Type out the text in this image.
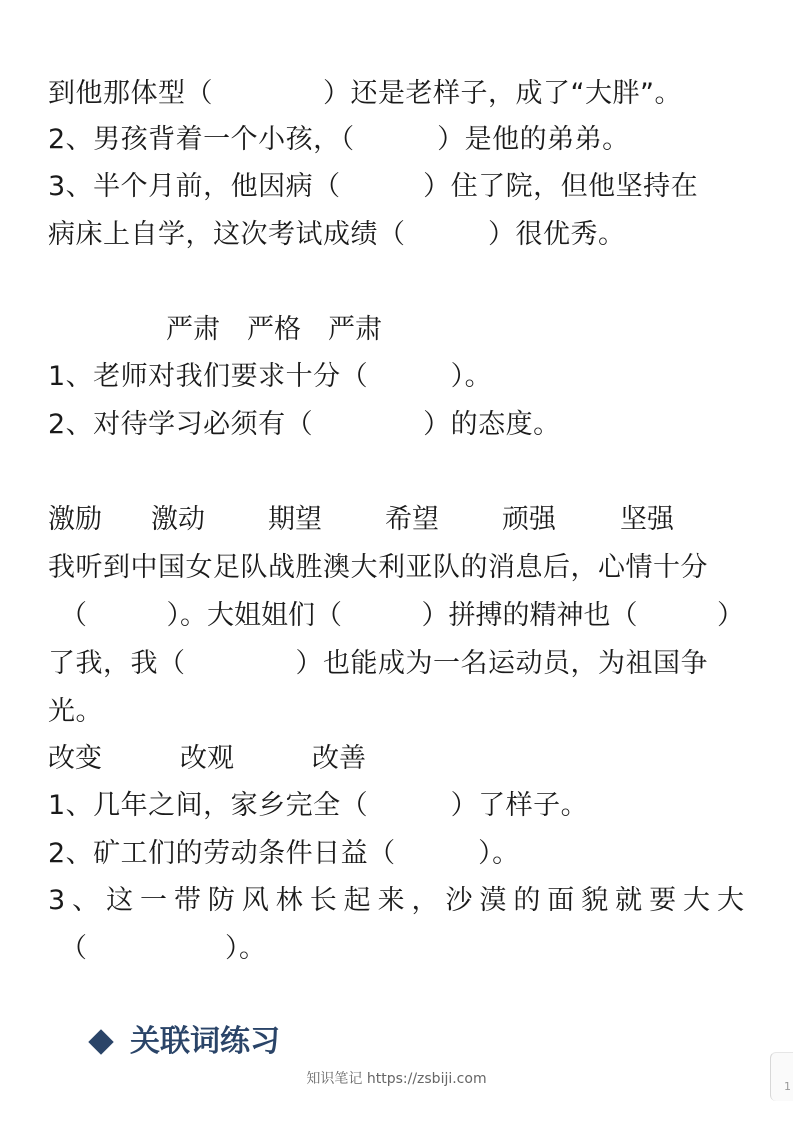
到他那体型（　　　　）还是老样子，成了“大胖”。
2、男孩背着一个小孩，（　　　）是他的弟弟。
3、半个月前，他因病（　　　）住了院，但他坚持在
病床上自学，这次考试成绩（　　　）很优秀。
严肃　严格　严肃
1、老师对我们要求十分（　　　）。
2、对待学习必须有（　　　　）的态度。
激励 激动 期望 希望 顽强 坚强
我听到中国女足队战胜澳大利亚队的消息后，心情十分
（	）。大姐姐们（	）拼搏的精神也（	）
了我，我（　　　　）也能成为一名运动员，为祖国争
光。
改变	改观	改善
1、几年之间，家乡完全（　　　）了样子。
2、矿工们的劳动条件日益（　　　）。
3 、 这 一 带 防 风 林 长 起 来 ， 沙 漠 的 面 貌 就 要 大 大
（　　　　　）。
关联词练习
知识笔记 https://zsbiji.com	1
